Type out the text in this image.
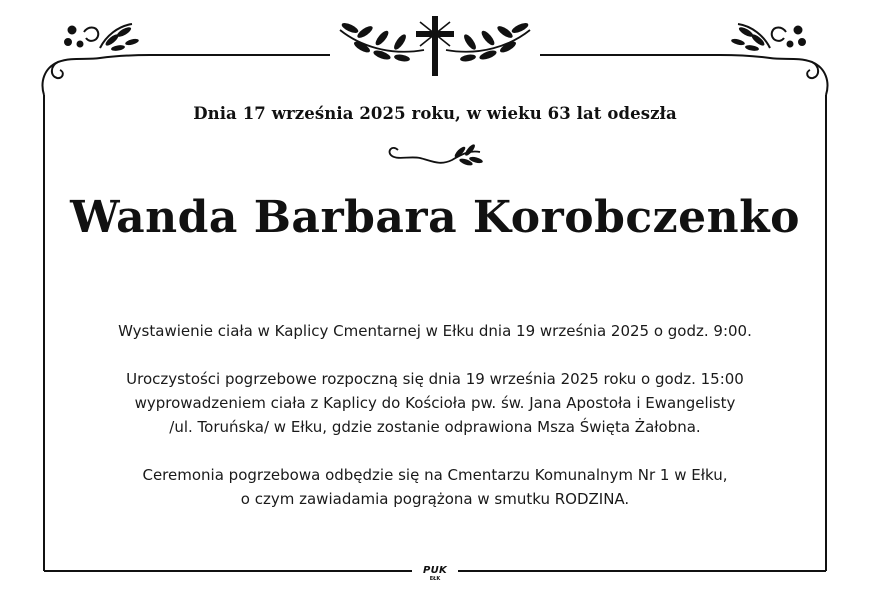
Dnia 17 września 2025 roku, w wieku 63 lat odeszła
Wanda Barbara Korobczenko
Wystawienie ciała w Kaplicy Cmentarnej w Ełku dnia 19 września 2025 o godz. 9:00.
Uroczystości pogrzebowe rozpoczną się dnia 19 września 2025 roku o godz. 15:00
wyprowadzeniem ciała z Kaplicy do Kościoła pw. św. Jana Apostoła i Ewangelisty
/ul. Toruńska/ w Ełku, gdzie zostanie odprawiona Msza Święta Żałobna.
Ceremonia pogrzebowa odbędzie się na Cmentarzu Komunalnym Nr 1 w Ełku,
o czym zawiadamia pogrążona w smutku RODZINA.
PUK
EŁK
